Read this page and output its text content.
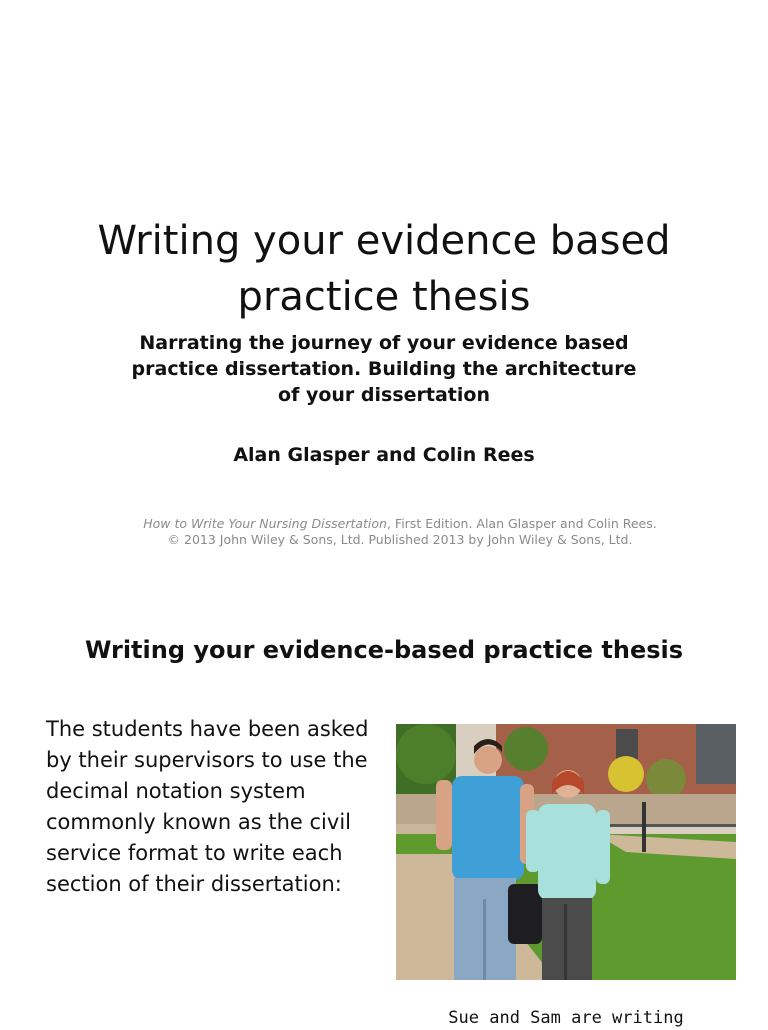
Writing your evidence based practice thesis
Narrating the journey of your evidence based practice dissertation. Building the architecture of your dissertation
Alan Glasper and Colin Rees
How to Write Your Nursing Dissertation, First Edition. Alan Glasper and Colin Rees.
© 2013 John Wiley & Sons, Ltd. Published 2013 by John Wiley & Sons, Ltd.
Writing your evidence-based practice thesis
The students have been asked by their supervisors to use the decimal notation system commonly known as the civil service format to write each section of their dissertation:
Sue and Sam are writing
